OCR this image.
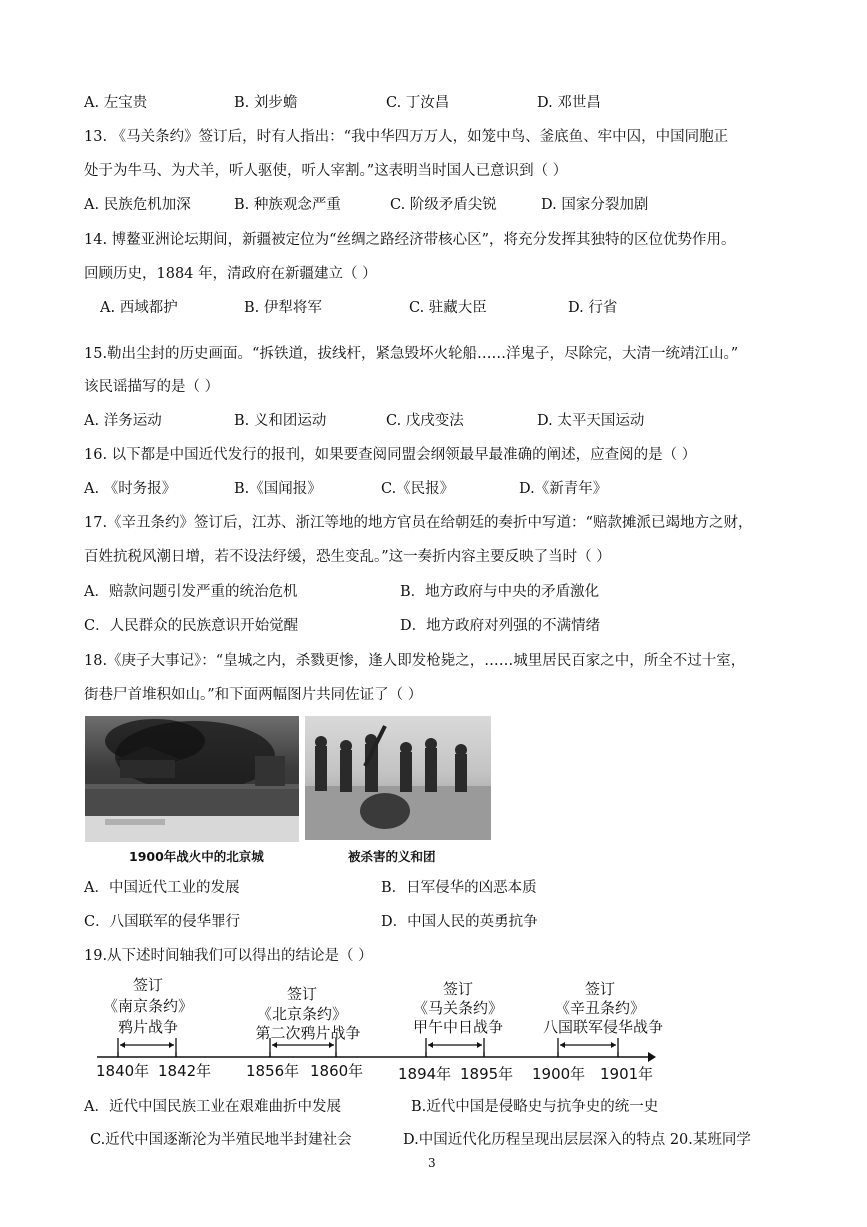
A. 左宝贵	B. 刘步蟾	C. 丁汝昌	D. 邓世昌
13. 《马关条约》签订后，时有人指出：“我中华四万万人，如笼中鸟、釜底鱼、牢中囚，中国同胞正
处于为牛马、为犬羊，听人驱使，听人宰割。”这表明当时国人已意识到（ ）
A. 民族危机加深	B. 种族观念严重	C. 阶级矛盾尖锐	D. 国家分裂加剧
14. 博鳌亚洲论坛期间，新疆被定位为“丝绸之路经济带核心区”，将充分发挥其独特的区位优势作用。
回顾历史，1884 年，清政府在新疆建立（ ）
A. 西域都护	B. 伊犁将军	C. 驻藏大臣	D. 行省
15.勒出尘封的历史画面。“拆铁道，拔线杆，紧急毁坏火轮船……洋鬼子，尽除完，大清一统靖江山。”
该民谣描写的是（ ）
A. 洋务运动	B. 义和团运动	C. 戊戌变法	D. 太平天国运动
16. 以下都是中国近代发行的报刊，如果要查阅同盟会纲领最早最准确的阐述，应查阅的是（ ）
A. 《时务报》	B.《国闻报》	C.《民报》	D.《新青年》
17.《辛丑条约》签订后，江苏、浙江等地的地方官员在给朝廷的奏折中写道：“赔款摊派已竭地方之财，
百姓抗税风潮日增，若不设法纾缓，恐生变乱。”这一奏折内容主要反映了当时（ ）
A．赔款问题引发严重的统治危机	B．地方政府与中央的矛盾激化
C．人民群众的民族意识开始觉醒	D．地方政府对列强的不满情绪
18.《庚子大事记》：“皇城之内，杀戮更惨，逢人即发枪毙之，……城里居民百家之中，所全不过十室，
街巷尸首堆积如山。”和下面两幅图片共同佐证了（ ）
1900年战火中的北京城	被杀害的义和团
A．中国近代工业的发展	B．日军侵华的凶恶本质
C．八国联军的侵华罪行	D．中国人民的英勇抗争
19.从下述时间轴我们可以得出的结论是（ ）
签订
《南京条约》
鸦片战争
1840年 1842年
签订
《北京条约》
第二次鸦片战争
1856年 1860年
签订
《马关条约》
甲午中日战争
1894年 1895年
签订
《辛丑条约》
八国联军侵华战争
1900年 1901年
A．近代中国民族工业在艰难曲折中发展	B.近代中国是侵略史与抗争史的统一史
C.近代中国逐渐沦为半殖民地半封建社会	D.中国近代化历程呈现出层层深入的特点 20.某班同学
3
